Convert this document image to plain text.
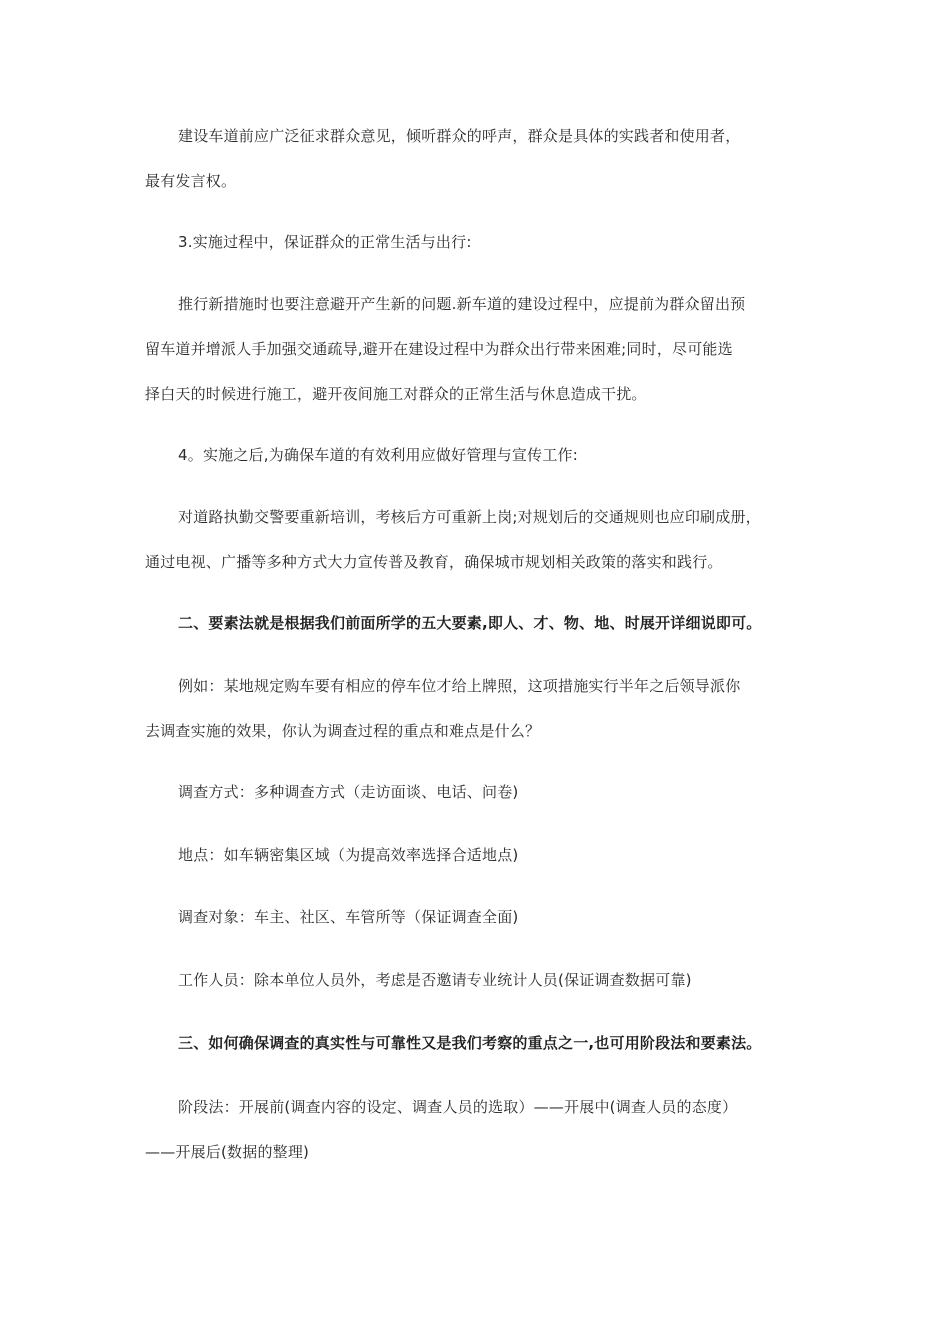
建设车道前应广泛征求群众意见，倾听群众的呼声，群众是具体的实践者和使用者，
最有发言权。
3.实施过程中，保证群众的正常生活与出行:
推行新措施时也要注意避开产生新的问题.新车道的建设过程中，应提前为群众留出预
留车道并增派人手加强交通疏导,避开在建设过程中为群众出行带来困难;同时，尽可能选
择白天的时候进行施工，避开夜间施工对群众的正常生活与休息造成干扰。
4。实施之后,为确保车道的有效利用应做好管理与宣传工作:
对道路执勤交警要重新培训，考核后方可重新上岗;对规划后的交通规则也应印刷成册，
通过电视、广播等多种方式大力宣传普及教育，确保城市规划相关政策的落实和践行。
二、要素法就是根据我们前面所学的五大要素,即人、才、物、地、时展开详细说即可。
例如：某地规定购车要有相应的停车位才给上牌照，这项措施实行半年之后领导派你
去调查实施的效果，你认为调查过程的重点和难点是什么？
调查方式：多种调查方式（走访面谈、电话、问卷)
地点：如车辆密集区域（为提高效率选择合适地点)
调查对象：车主、社区、车管所等（保证调查全面)
工作人员：除本单位人员外，考虑是否邀请专业统计人员(保证调查数据可靠)
三、如何确保调查的真实性与可靠性又是我们考察的重点之一,也可用阶段法和要素法。
阶段法：开展前(调查内容的设定、调查人员的选取）——开展中(调查人员的态度）
——开展后(数据的整理)
